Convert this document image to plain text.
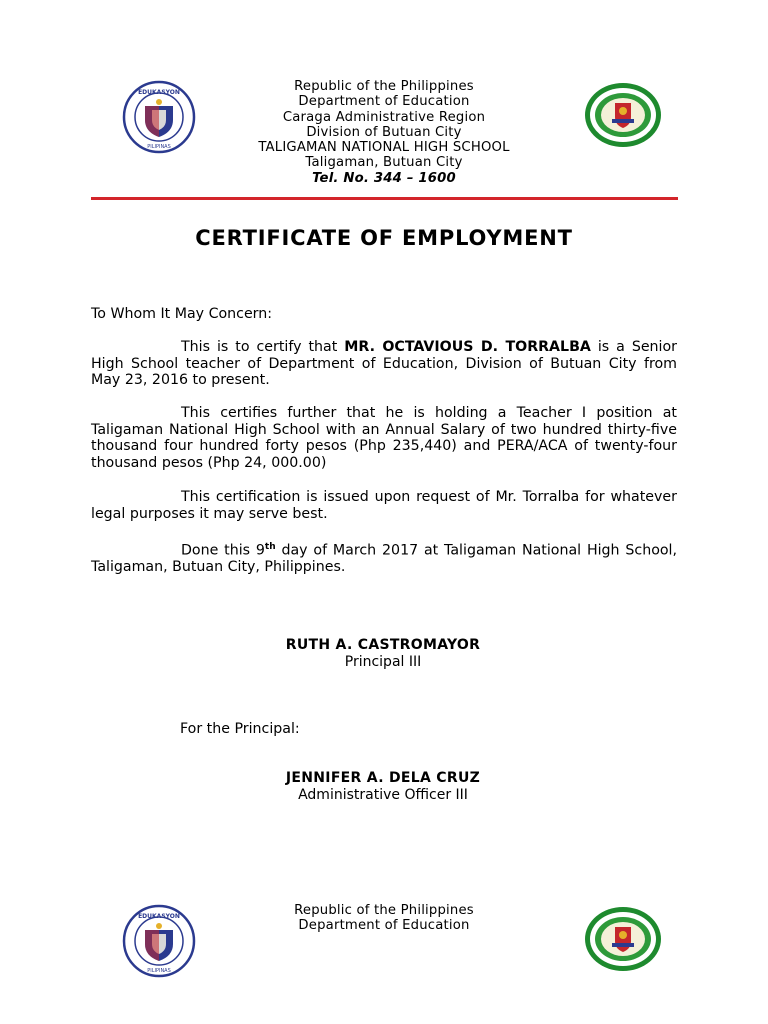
EDUKASYON
PILIPINAS
Republic of the Philippines
Department of Education
Caraga Administrative Region
Division of Butuan City
TALIGAMAN NATIONAL HIGH SCHOOL
Taligaman, Butuan City
Tel. No. 344 – 1600
CERTIFICATE OF EMPLOYMENT
To Whom It May Concern:
This is to certify that MR. OCTAVIOUS D. TORRALBA is a Senior High School teacher of Department of Education, Division of Butuan City from May 23, 2016 to present.
This certifies further that he is holding a Teacher I position at Taligaman National High School with an Annual Salary of two hundred thirty-five thousand four hundred forty pesos (Php 235,440) and PERA/ACA of twenty-four thousand pesos (Php 24, 000.00)
This certification is issued upon request of Mr. Torralba for whatever legal purposes it may serve best.
Done this 9th day of March 2017 at Taligaman National High School, Taligaman, Butuan City, Philippines.
RUTH A. CASTROMAYOR
Principal III
For the Principal:
JENNIFER A. DELA CRUZ
Administrative Officer III
EDUKASYON
PILIPINAS
Republic of the Philippines
Department of Education
